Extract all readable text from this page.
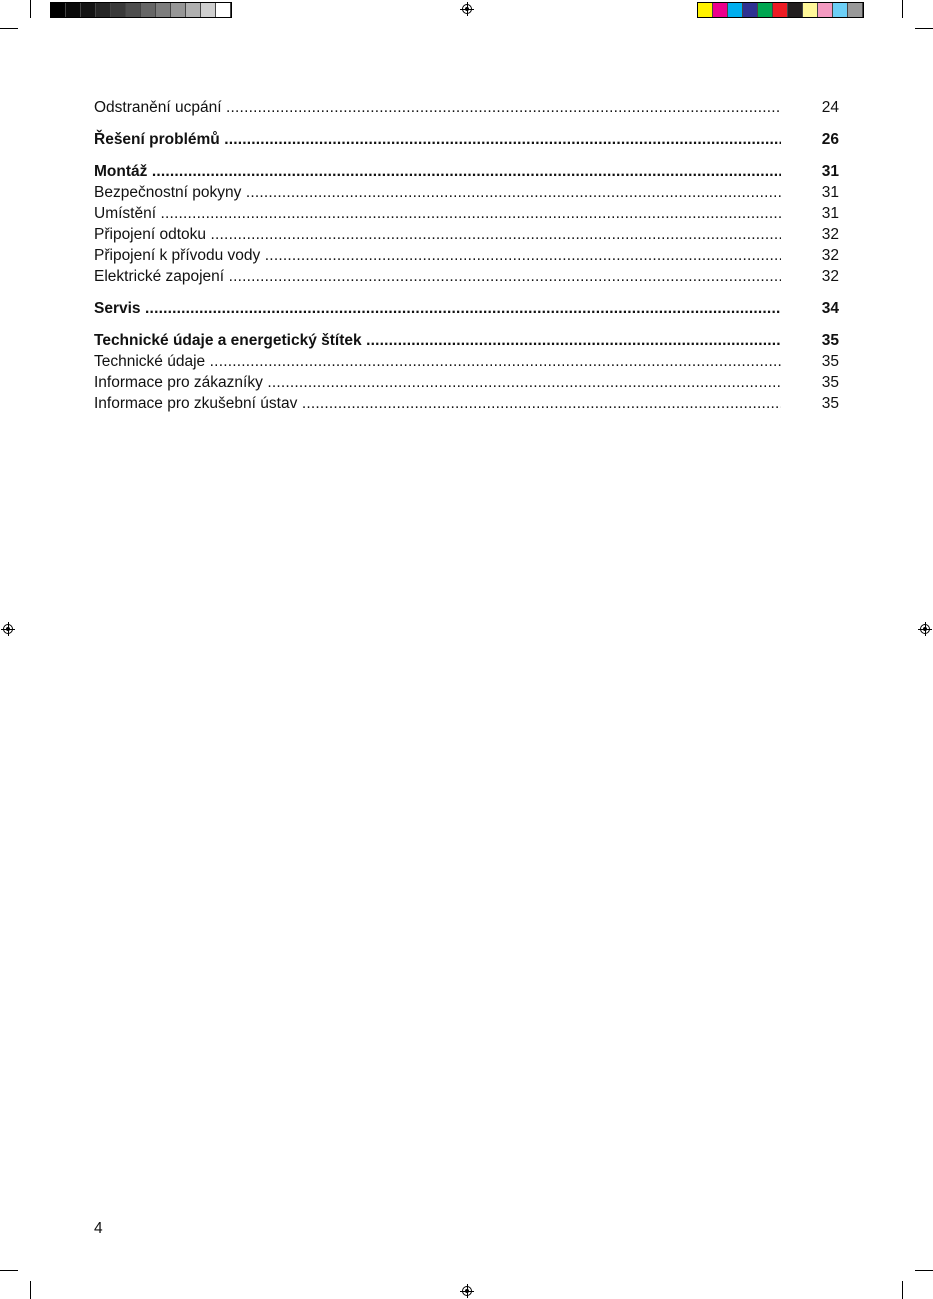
Odstranění ucpání .....	24
Řešení problémů .....	26
Montáž .....	31
Bezpečnostní pokyny .....	31
Umístění .....	31
Připojení odtoku .....	32
Připojení k přívodu vody .....	32
Elektrické zapojení .....	32
Servis .....	34
Technické údaje a energetický štítek .....	35
Technické údaje .....	35
Informace pro zákazníky .....	35
Informace pro zkušební ústav .....	35
4
